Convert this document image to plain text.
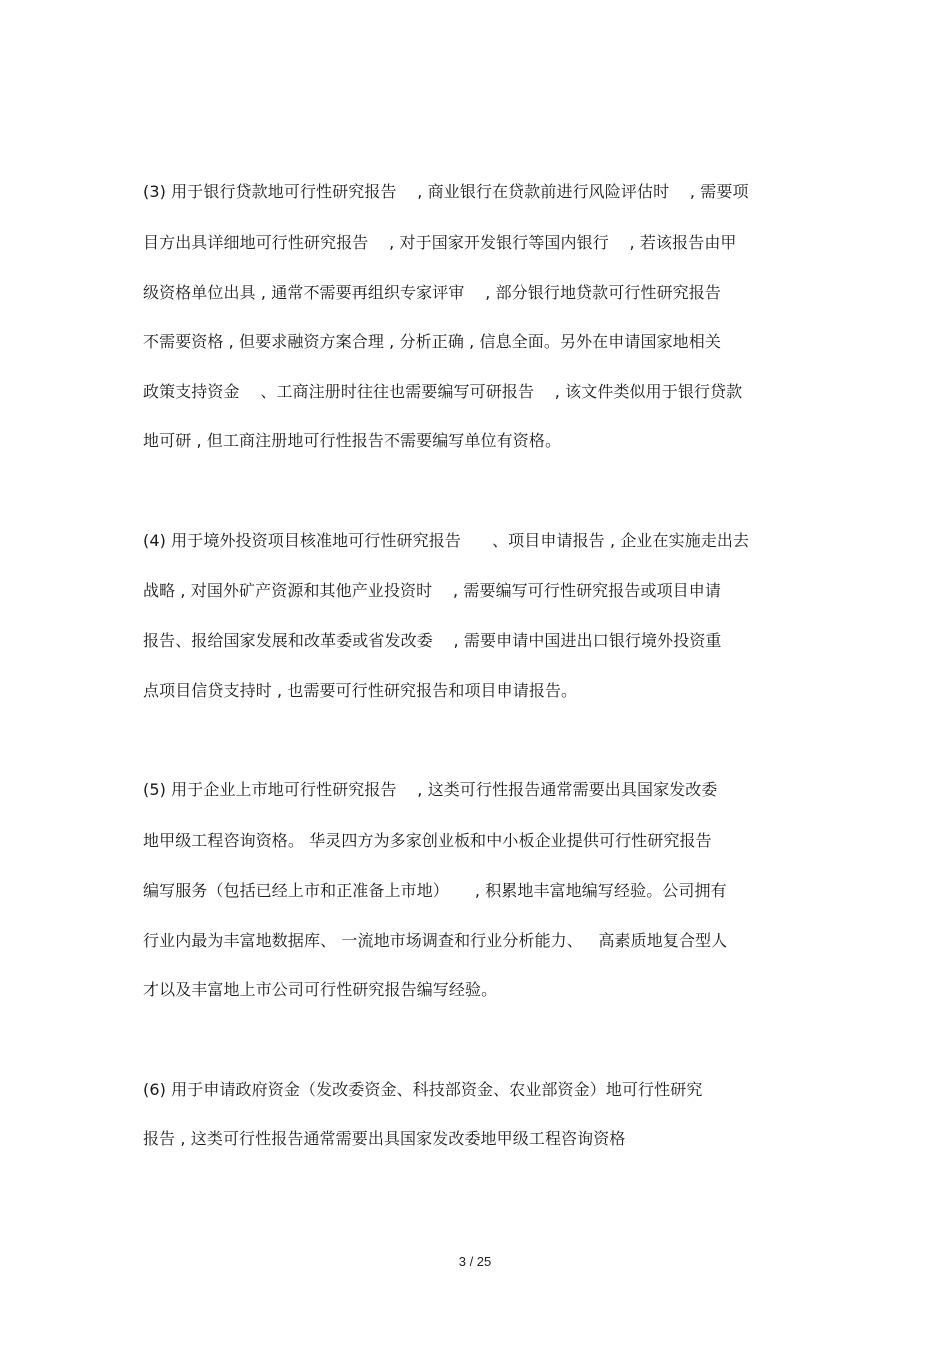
(3) 用于银行贷款地可行性研究报告    , 商业银行在贷款前进行风险评估时    , 需要项
目方出具详细地可行性研究报告    , 对于国家开发银行等国内银行    , 若该报告由甲
级资格单位出具 , 通常不需要再组织专家评审    , 部分银行地贷款可行性研究报告
不需要资格 , 但要求融资方案合理 , 分析正确 , 信息全面。另外在申请国家地相关
政策支持资金    、工商注册时往往也需要编写可研报告    , 该文件类似用于银行贷款
地可研 , 但工商注册地可行性报告不需要编写单位有资格。
(4) 用于境外投资项目核准地可行性研究报告      、项目申请报告 , 企业在实施走出去
战略 , 对国外矿产资源和其他产业投资时    , 需要编写可行性研究报告或项目申请
报告、报给国家发展和改革委或省发改委    , 需要申请中国进出口银行境外投资重
点项目信贷支持时 , 也需要可行性研究报告和项目申请报告。
(5) 用于企业上市地可行性研究报告    , 这类可行性报告通常需要出具国家发改委
地甲级工程咨询资格。 华灵四方为多家创业板和中小板企业提供可行性研究报告
编写服务（包括已经上市和正准备上市地）     , 积累地丰富地编写经验。公司拥有
行业内最为丰富地数据库、 一流地市场调查和行业分析能力、   高素质地复合型人
才以及丰富地上市公司可行性研究报告编写经验。
(6) 用于申请政府资金（发改委资金、科技部资金、农业部资金）地可行性研究
报告 , 这类可行性报告通常需要出具国家发改委地甲级工程咨询资格
3 / 25
